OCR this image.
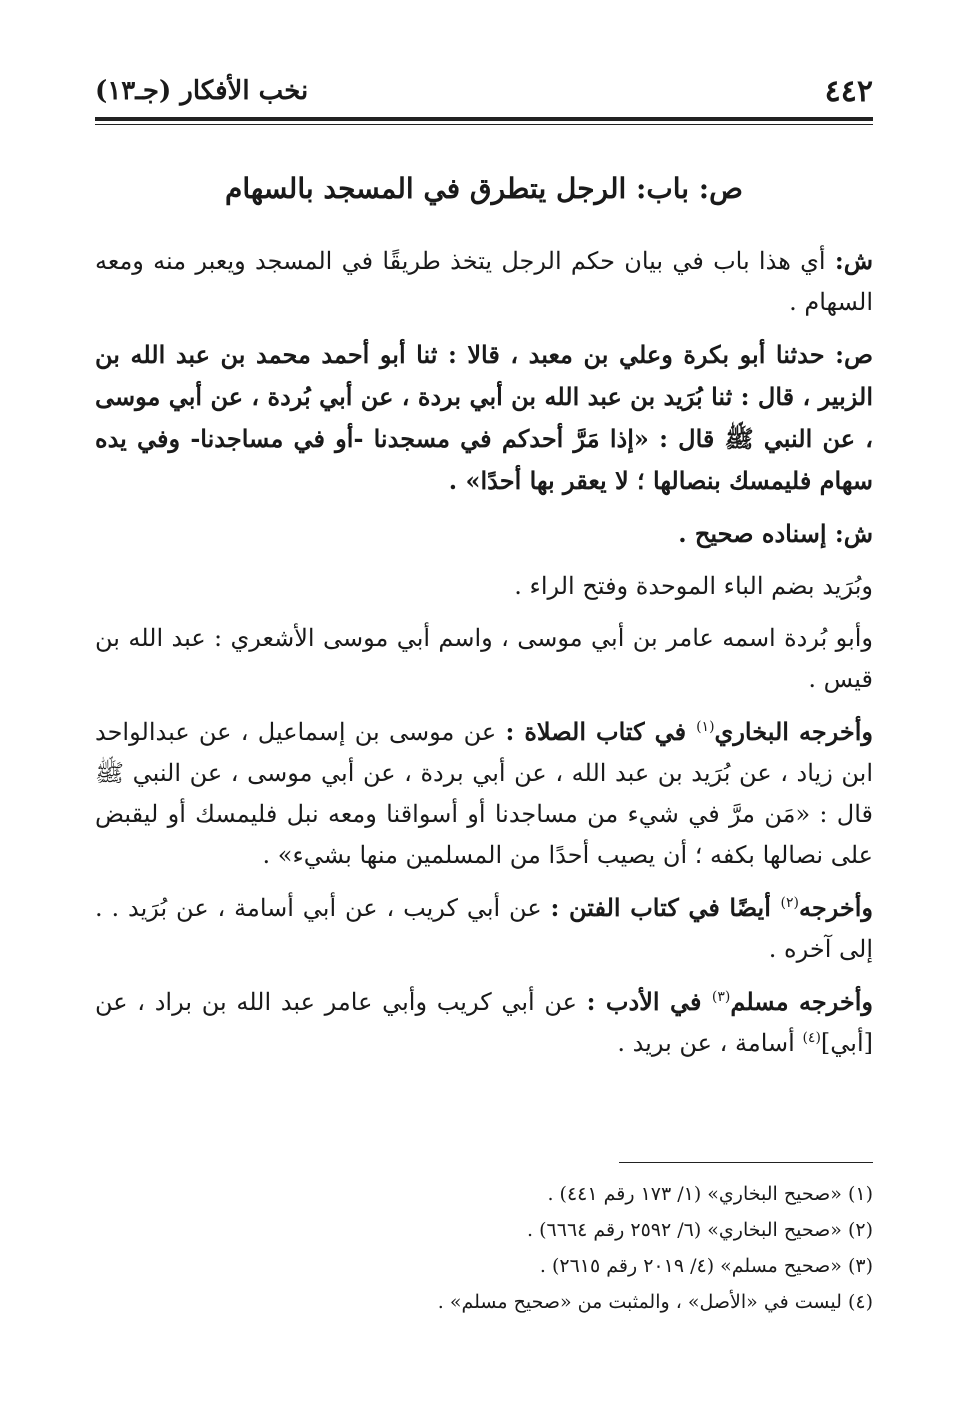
٤٤٢
نخب الأفكار (جـ١٣)
ص: باب: الرجل يتطرق في المسجد بالسهام

ش: أي هذا باب في بيان حكم الرجل يتخذ طريقًا في المسجد ويعبر منه ومعه السهام .

ص: حدثنا أبو بكرة وعلي بن معبد ، قالا : ثنا أبو أحمد محمد بن عبد الله بن الزبير ، قال : ثنا بُرَيد بن عبد الله بن أبي بردة ، عن أبي بُردة ، عن أبي موسى ، عن النبي ﷺ قال : «إذا مَرَّ أحدكم في مسجدنا -أو في مساجدنا- وفي يده سهام فليمسك بنصالها ؛ لا يعقر بها أحدًا» .

ش: إسناده صحيح .

وبُرَيد بضم الباء الموحدة وفتح الراء .

وأبو بُردة اسمه عامر بن أبي موسى ، واسم أبي موسى الأشعري : عبد الله بن قيس .

وأخرجه البخاري$^{(١)}$ في كتاب الصلاة : عن موسى بن إسماعيل ، عن عبدالواحد ابن زياد ، عن بُرَيد بن عبد الله ، عن أبي بردة ، عن أبي موسى ، عن النبي ﷺ قال : «مَن مرَّ في شيء من مساجدنا أو أسواقنا ومعه نبل فليمسك أو ليقبض على نصالها بكفه ؛ أن يصيب أحدًا من المسلمين منها بشيء» .

وأخرجه$^{(٢)}$ أيضًا في كتاب الفتن : عن أبي كريب ، عن أبي أسامة ، عن بُرَيد . . إلى آخره .

وأخرجه مسلم$^{(٣)}$ في الأدب : عن أبي كريب وأبي عامر عبد الله بن براد ، عن [أبي]$^{(٤)}$ أسامة ، عن بريد .

(١) «صحيح البخاري» (١/ ١٧٣ رقم ٤٤١) .

(٢) «صحيح البخاري» (٦/ ٢٥٩٢ رقم ٦٦٦٤) .

(٣) «صحيح مسلم» (٤/ ٢٠١٩ رقم ٢٦١٥) .

(٤) ليست في «الأصل» ، والمثبت من «صحيح مسلم» .
